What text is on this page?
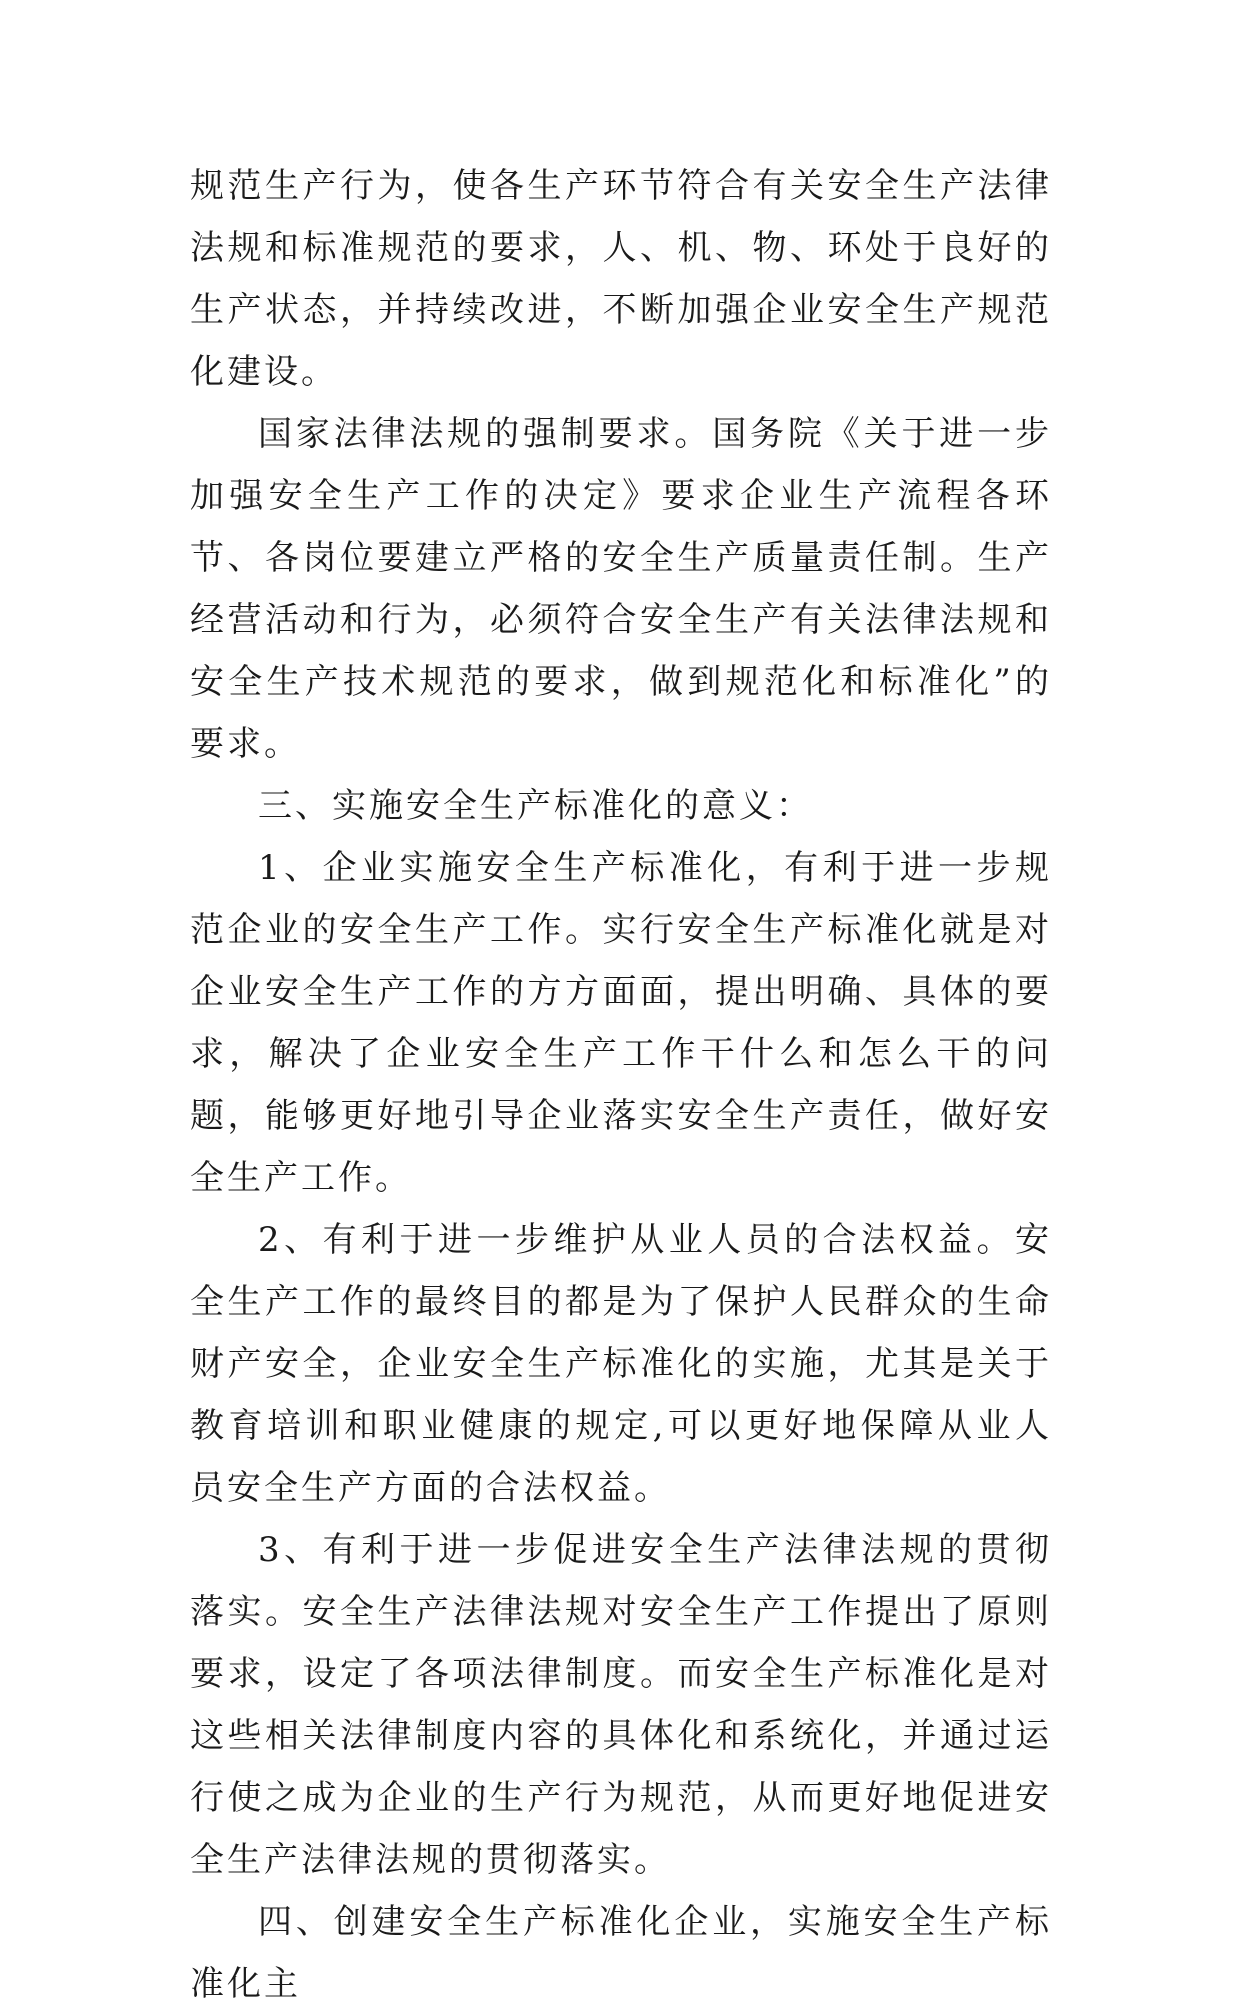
规范生产行为，使各生产环节符合有关安全生产法律法规和标准规范的要求，人、机、物、环处于良好的生产状态，并持续改进，不断加强企业安全生产规范化建设。

国家法律法规的强制要求。国务院《关于进一步加强安全生产工作的决定》要求企业生产流程各环节、各岗位要建立严格的安全生产质量责任制。生产经营活动和行为，必须符合安全生产有关法律法规和安全生产技术规范的要求，做到规范化和标准化”的要求。

三、实施安全生产标准化的意义：

1、企业实施安全生产标准化，有利于进一步规范企业的安全生产工作。实行安全生产标准化就是对企业安全生产工作的方方面面，提出明确、具体的要求，解决了企业安全生产工作干什么和怎么干的问题，能够更好地引导企业落实安全生产责任，做好安全生产工作。

2、有利于进一步维护从业人员的合法权益。安全生产工作的最终目的都是为了保护人民群众的生命财产安全，企业安全生产标准化的实施，尤其是关于教育培训和职业健康的规定,可以更好地保障从业人员安全生产方面的合法权益。

3、有利于进一步促进安全生产法律法规的贯彻落实。安全生产法律法规对安全生产工作提出了原则要求，设定了各项法律制度。而安全生产标准化是对这些相关法律制度内容的具体化和系统化，并通过运行使之成为企业的生产行为规范，从而更好地促进安全生产法律法规的贯彻落实。

四、创建安全生产标准化企业，实施安全生产标准化主
